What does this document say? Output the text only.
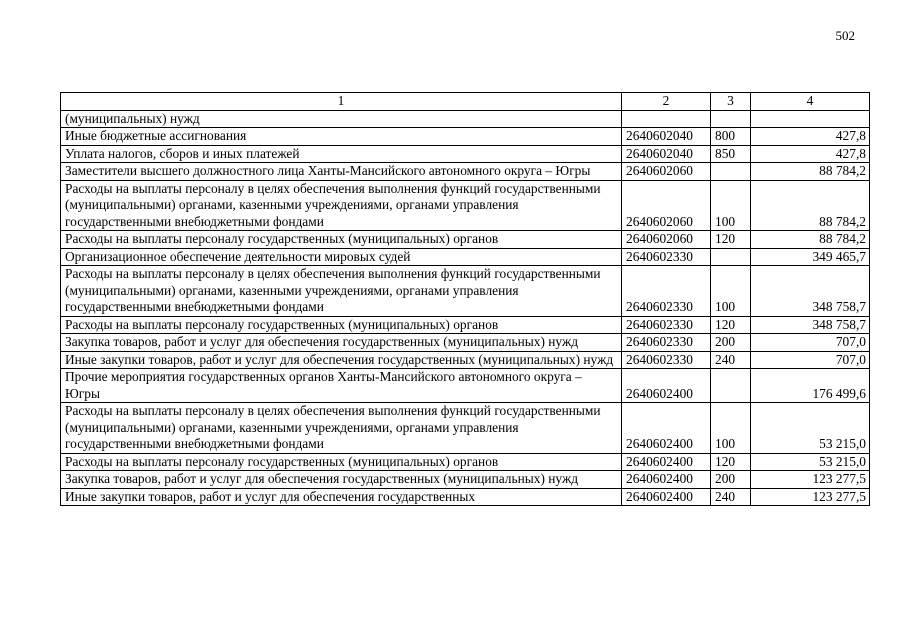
502
1	2	3	4
(муниципальных) нужд			
Иные бюджетные ассигнования	2640602040	800	427,8
Уплата налогов, сборов и иных платежей	2640602040	850	427,8
Заместители высшего должностного лица Ханты-Мансийского автономного округа – Югры	2640602060		88 784,2
Расходы на выплаты персоналу в целях обеспечения выполнения функций государственными (муниципальными) органами, казенными учреждениями, органами управления государственными внебюджетными фондами	2640602060	100	88 784,2
Расходы на выплаты персоналу государственных (муниципальных) органов	2640602060	120	88 784,2
Организационное обеспечение деятельности мировых судей	2640602330		349 465,7
Расходы на выплаты персоналу в целях обеспечения выполнения функций государственными (муниципальными) органами, казенными учреждениями, органами управления государственными внебюджетными фондами	2640602330	100	348 758,7
Расходы на выплаты персоналу государственных (муниципальных) органов	2640602330	120	348 758,7
Закупка товаров, работ и услуг для обеспечения государственных (муниципальных) нужд	2640602330	200	707,0
Иные закупки товаров, работ и услуг для обеспечения государственных (муниципальных) нужд	2640602330	240	707,0
Прочие мероприятия государственных органов Ханты-Мансийского автономного округа – Югры	2640602400		176 499,6
Расходы на выплаты персоналу в целях обеспечения выполнения функций государственными (муниципальными) органами, казенными учреждениями, органами управления государственными внебюджетными фондами	2640602400	100	53 215,0
Расходы на выплаты персоналу государственных (муниципальных) органов	2640602400	120	53 215,0
Закупка товаров, работ и услуг для обеспечения государственных (муниципальных) нужд	2640602400	200	123 277,5
Иные закупки товаров, работ и услуг для обеспечения государственных	2640602400	240	123 277,5
